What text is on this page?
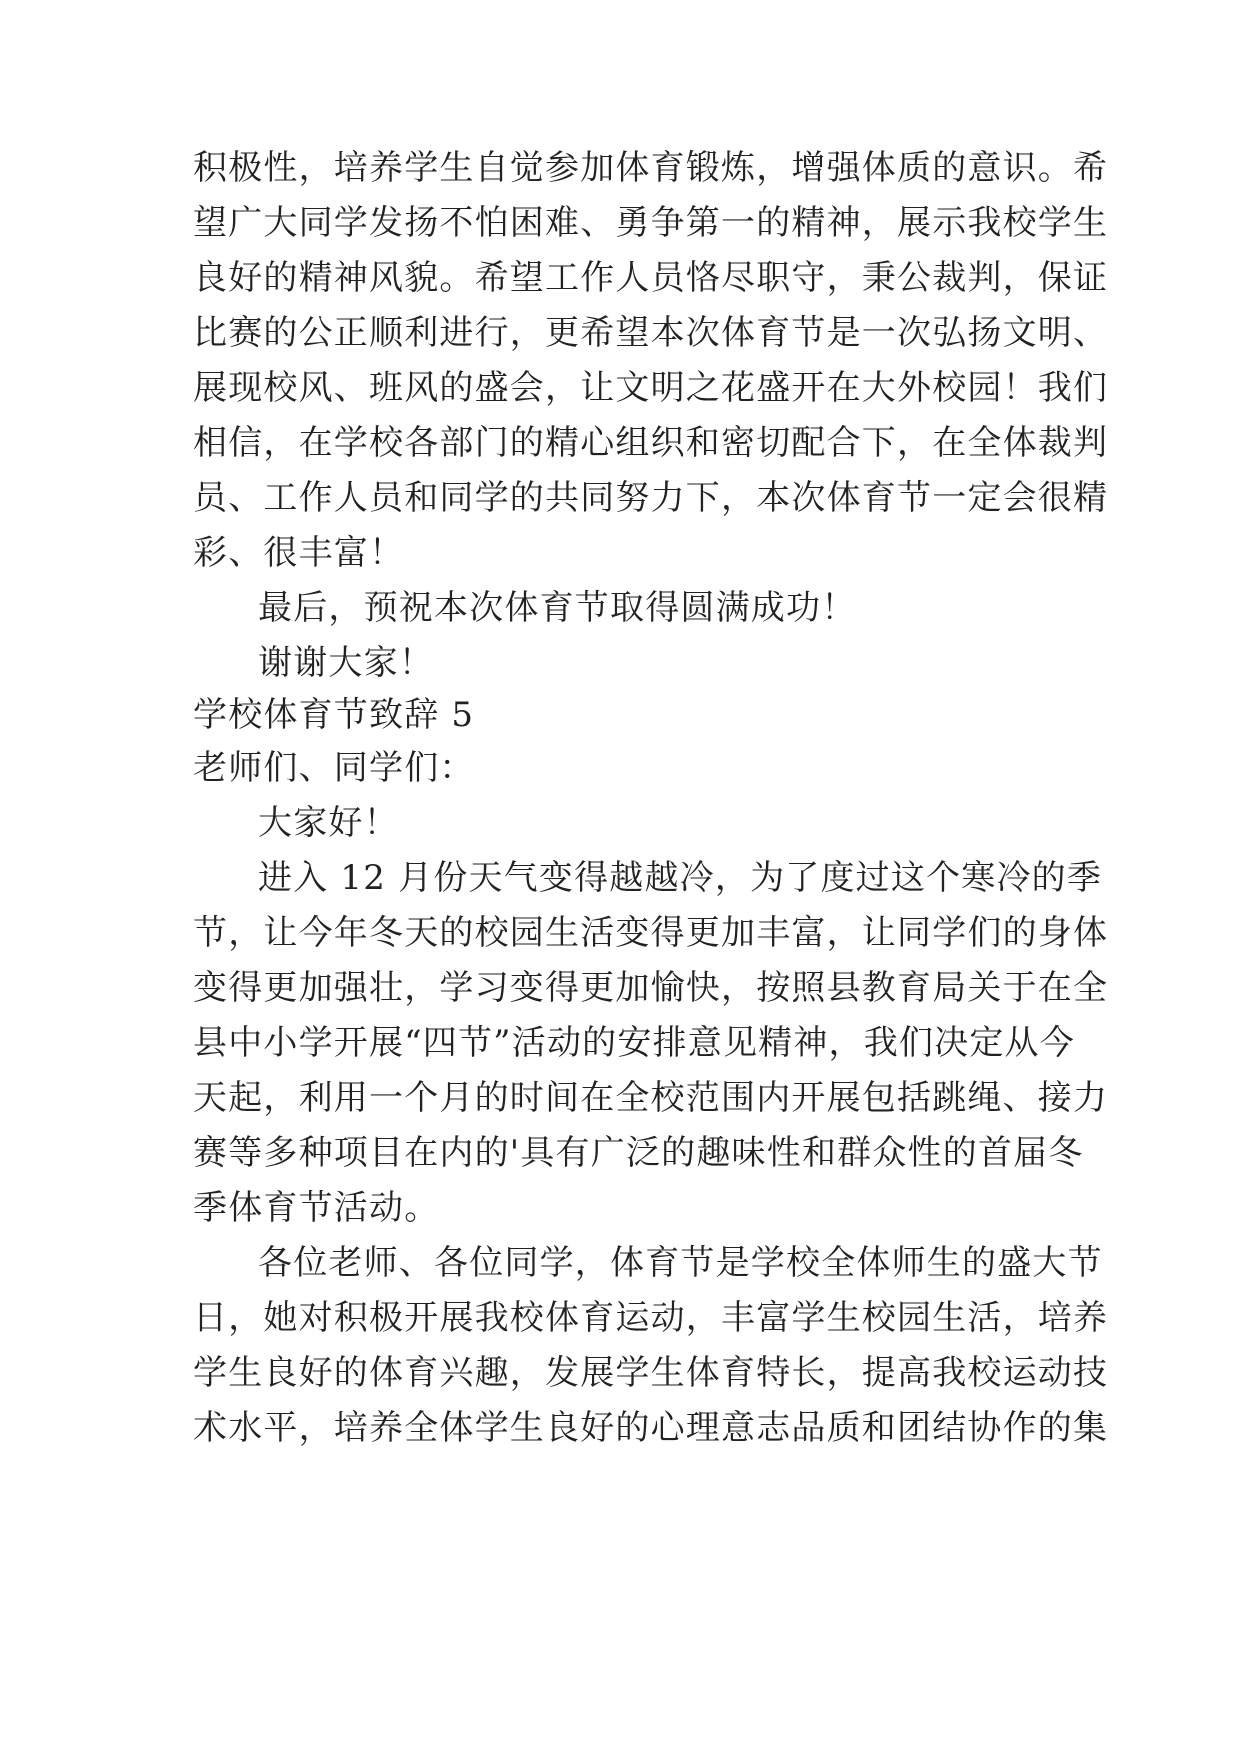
积极性，培养学生自觉参加体育锻炼，增强体质的意识。希
望广大同学发扬不怕困难、勇争第一的精神，展示我校学生
良好的精神风貌。希望工作人员恪尽职守，秉公裁判，保证
比赛的公正顺利进行，更希望本次体育节是一次弘扬文明、
展现校风、班风的盛会，让文明之花盛开在大外校园！我们
相信，在学校各部门的精心组织和密切配合下，在全体裁判
员、工作人员和同学的共同努力下，本次体育节一定会很精
彩、很丰富！
最后，预祝本次体育节取得圆满成功！
谢谢大家！
学校体育节致辞 5
老师们、同学们：
大家好！
进入 12 月份天气变得越越冷，为了度过这个寒冷的季
节，让今年冬天的校园生活变得更加丰富，让同学们的身体
变得更加强壮，学习变得更加愉快，按照县教育局关于在全
县中小学开展“四节”活动的安排意见精神，我们决定从今
天起，利用一个月的时间在全校范围内开展包括跳绳、接力
赛等多种项目在内的'具有广泛的趣味性和群众性的首届冬
季体育节活动。
各位老师、各位同学，体育节是学校全体师生的盛大节
日，她对积极开展我校体育运动，丰富学生校园生活，培养
学生良好的体育兴趣，发展学生体育特长，提高我校运动技
术水平，培养全体学生良好的心理意志品质和团结协作的集
